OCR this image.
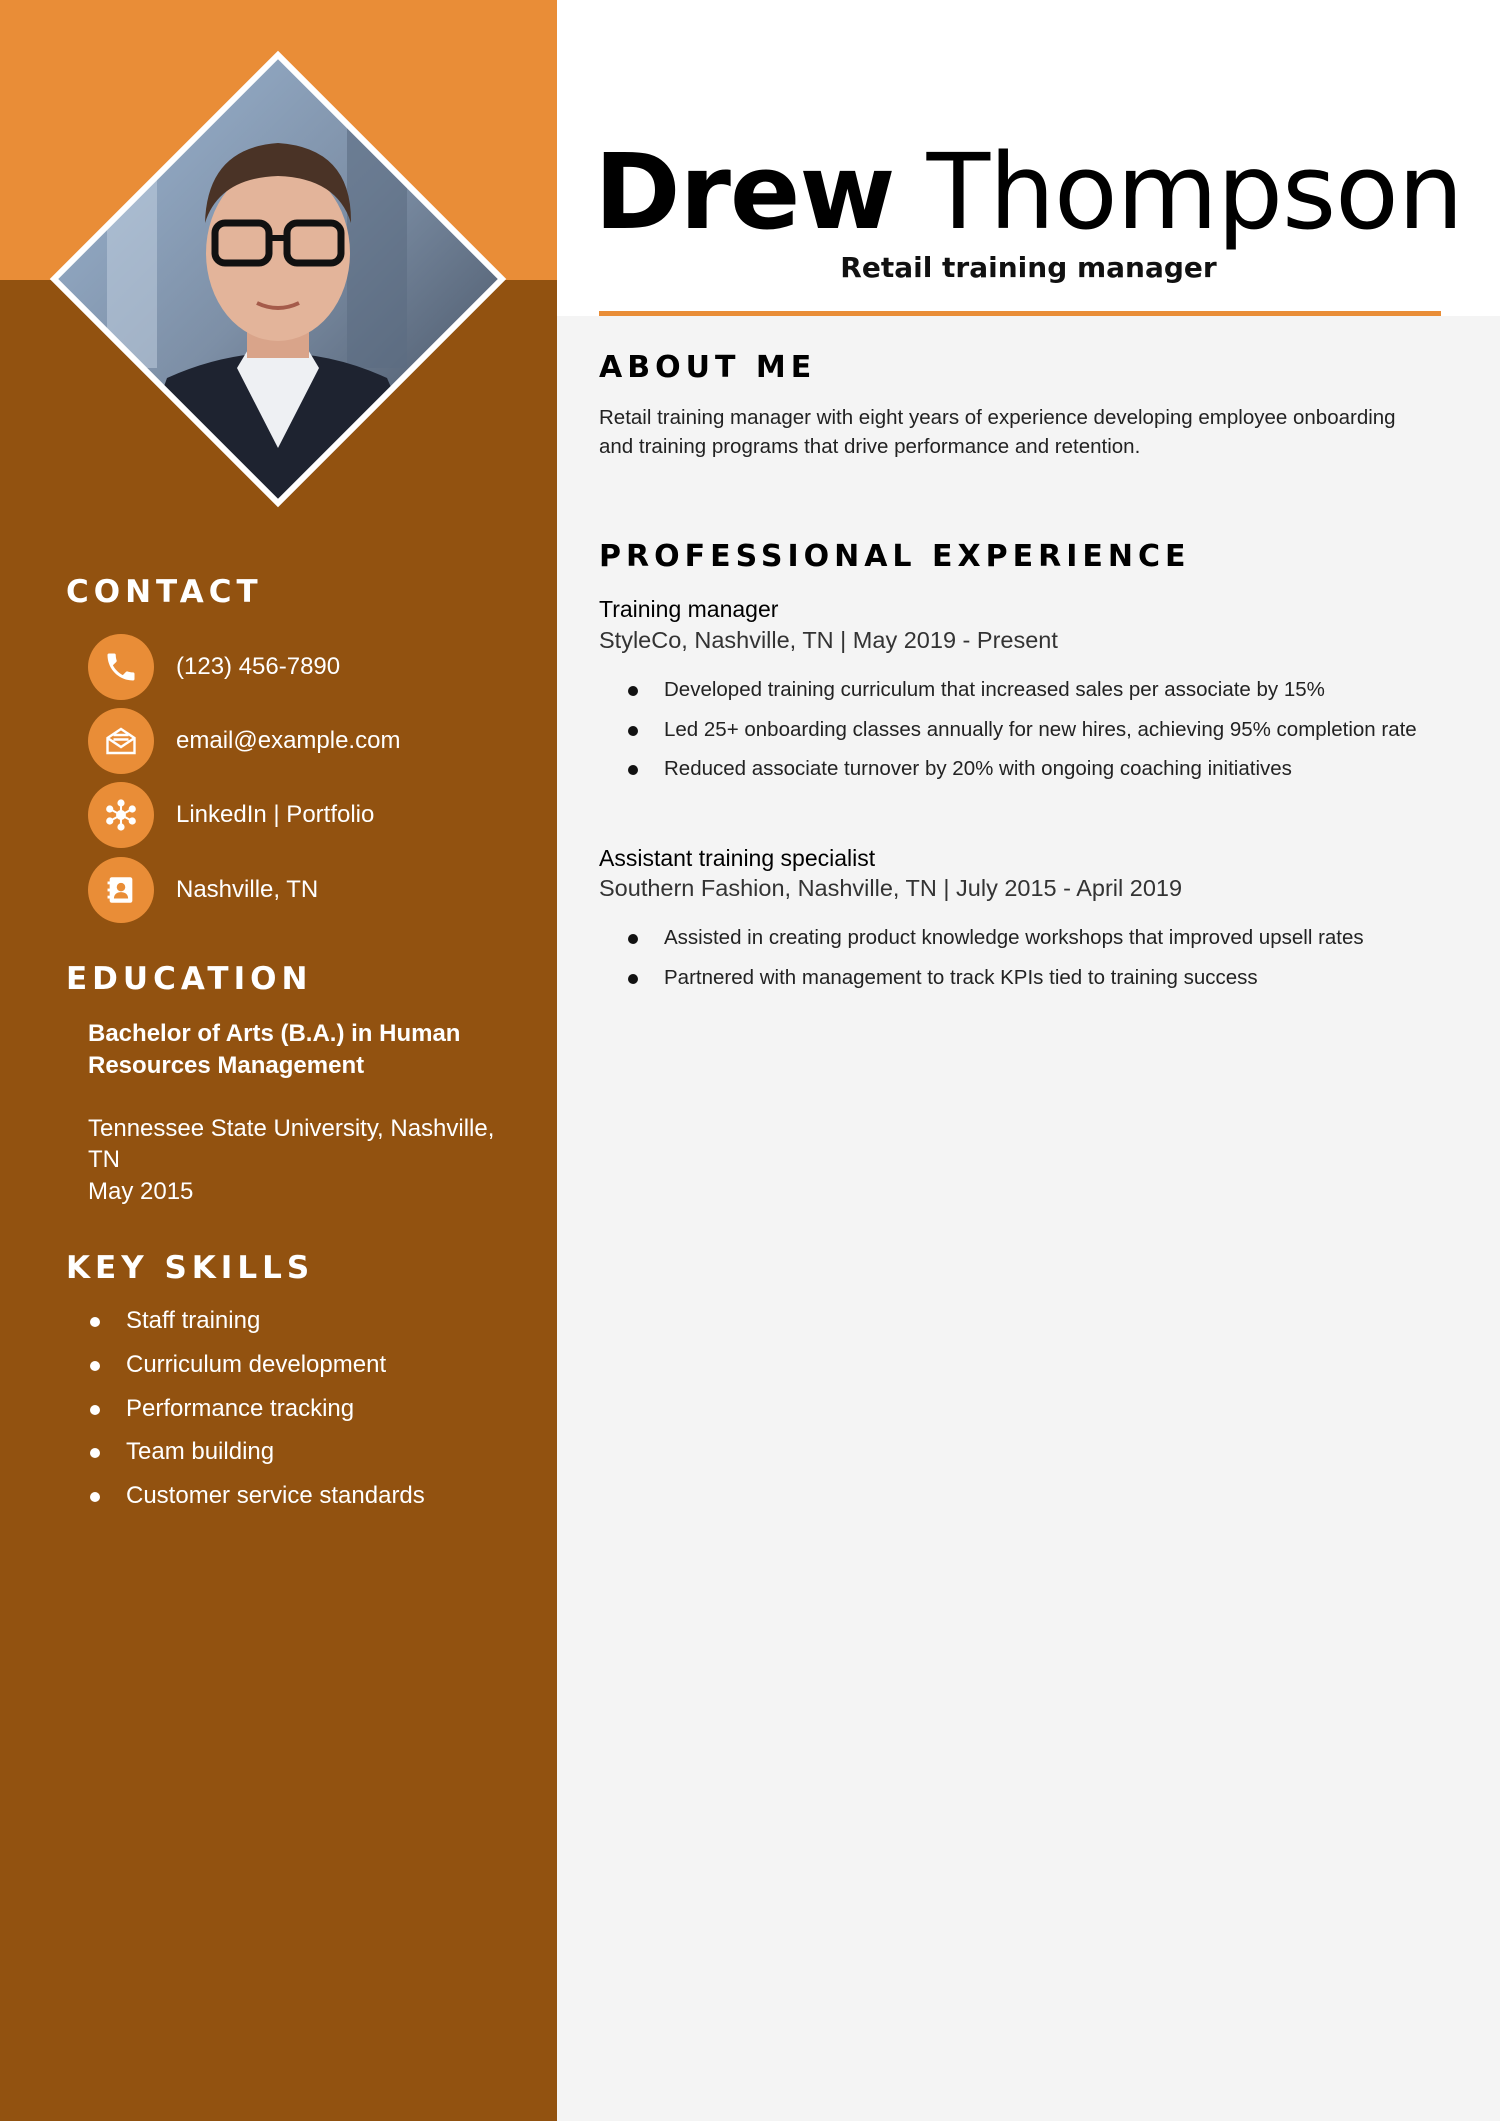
Drew Thompson
Retail training manager
CONTACT
(123) 456-7890
email@example.com
LinkedIn | Portfolio
Nashville, TN
EDUCATION
Bachelor of Arts (B.A.) in Human Resources Management
Tennessee State University, Nashville, TN
May 2015
KEY SKILLS
Staff training
Curriculum development
Performance tracking
Team building
Customer service standards
ABOUT ME
Retail training manager with eight years of experience developing employee onboarding and training programs that drive performance and retention.
PROFESSIONAL EXPERIENCE
Training manager
StyleCo, Nashville, TN | May 2019 - Present
Developed training curriculum that increased sales per associate by 15%
Led 25+ onboarding classes annually for new hires, achieving 95% completion rate
Reduced associate turnover by 20% with ongoing coaching initiatives
Assistant training specialist
Southern Fashion, Nashville, TN | July 2015 - April 2019
Assisted in creating product knowledge workshops that improved upsell rates
Partnered with management to track KPIs tied to training success
